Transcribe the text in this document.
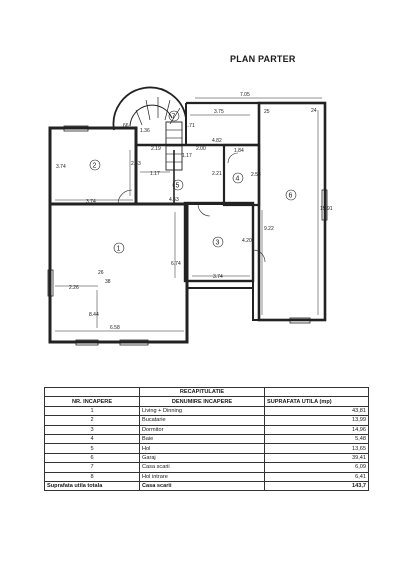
PLAN PARTER
1
2
3
4
5
6
7
7.05
3.75	25	24
1.71
1.36
66
2.19
4.82
2.00	1.84
3.74	2.43
1.17
1.17	2.21	2.58
3.74	4.53
15.91
9.22
4.20
6.74
3.74
26
38
2.26
8.44
6.58
	RECAPITULATIE	
NR. INCAPERE	DENUMIRE INCAPERE	SUPRAFATA UTILA (mp)
1	Living + Dinning	43,81
2	Bucatarie	13,99
3	Dormitor	14,96
4	Baie	5,48
5	Hol	13,65
6	Garaj	39,41
7	Casa scarii	6,09
8	Hol intrare	6,41
Suprafata utila totala	Casa scarii	143,7
